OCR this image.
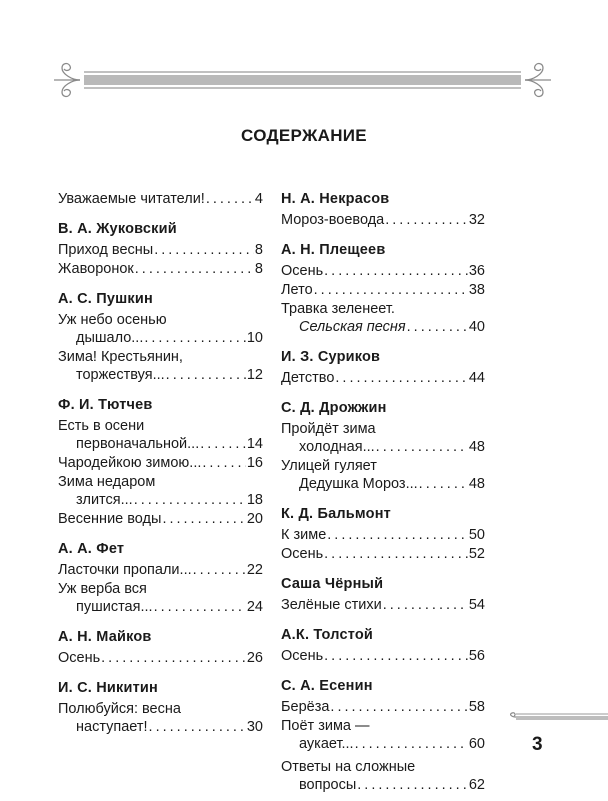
СОДЕРЖАНИЕ
Уважаемые читатели! .....	4
В. А. Жуковский
Приход весны .....	8
Жаворонок .....	8
А. С. Пушкин
Уж небо осенью
дышало... .....	10
Зима! Крестьянин,
торжествуя... .....	12
Ф. И. Тютчев
Есть в осени
первоначальной... .....	14
Чародейкою зимою... .....	16
Зима недаром
злится... .....	18
Весенние воды .....	20
А. А. Фет
Ласточки пропали... .....	22
Уж верба вся
пушистая... .....	24
А. Н. Майков
Осень .....	26
И. С. Никитин
Полюбуйся: весна
наступает! .....	30
Н. А. Некрасов
Мороз-воевода .....	32
А. Н. Плещеев
Осень .....	36
Лето .....	38
Травка зеленеет.
Сельская песня .....	40
И. З. Суриков
Детство .....	44
С. Д. Дрожжин
Пройдёт зима
холодная... .....	48
Улицей гуляет
Дедушка Мороз... .....	48
К. Д. Бальмонт
К зиме .....	50
Осень .....	52
Саша Чёрный
Зелёные стихи .....	54
А.К. Толстой
Осень .....	56
С. А. Есенин
Берёза .....	58
Поёт зима —
аукает... .....	60
Ответы на сложные
вопросы .....	62
3
